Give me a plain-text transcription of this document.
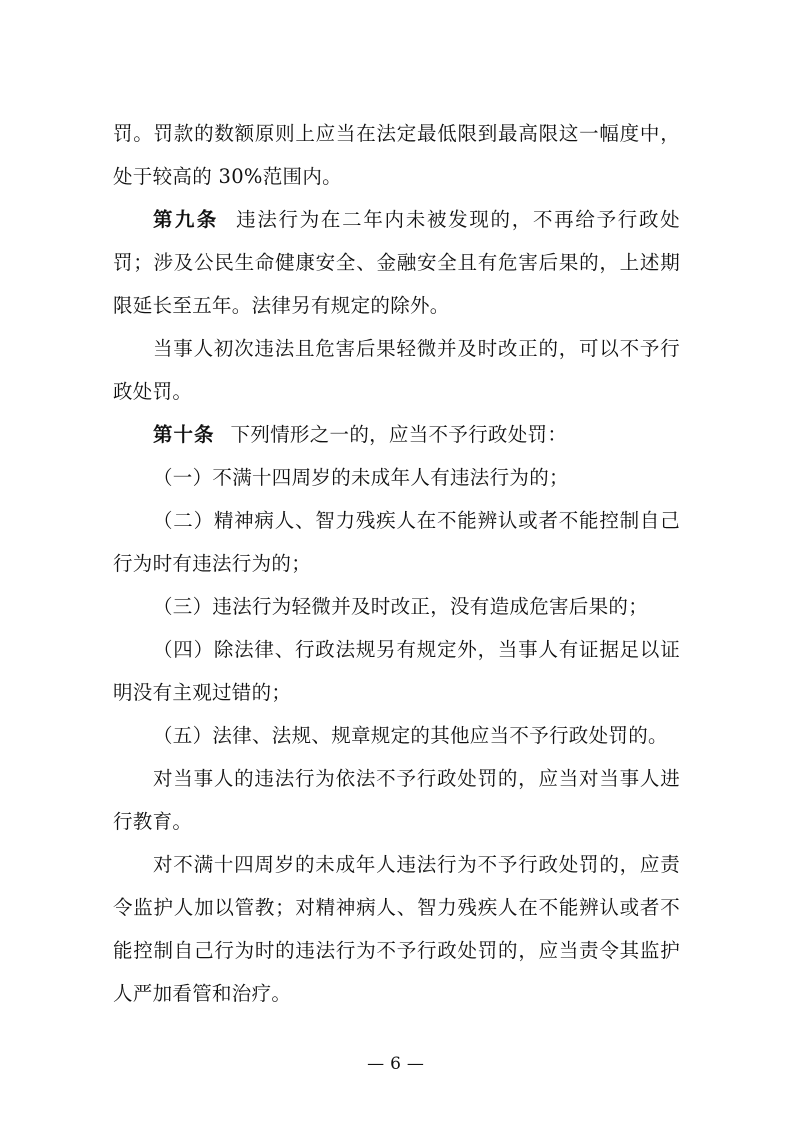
罚。罚款的数额原则上应当在法定最低限到最高限这一幅度中，处于较高的 30%范围内。

第九条 违法行为在二年内未被发现的，不再给予行政处罚；涉及公民生命健康安全、金融安全且有危害后果的，上述期限延长至五年。法律另有规定的除外。

当事人初次违法且危害后果轻微并及时改正的，可以不予行政处罚。

第十条 下列情形之一的，应当不予行政处罚：

（一）不满十四周岁的未成年人有违法行为的；

（二）精神病人、智力残疾人在不能辨认或者不能控制自己行为时有违法行为的；

（三）违法行为轻微并及时改正，没有造成危害后果的；

（四）除法律、行政法规另有规定外，当事人有证据足以证明没有主观过错的；

（五）法律、法规、规章规定的其他应当不予行政处罚的。

对当事人的违法行为依法不予行政处罚的，应当对当事人进行教育。

对不满十四周岁的未成年人违法行为不予行政处罚的，应责令监护人加以管教；对精神病人、智力残疾人在不能辨认或者不能控制自己行为时的违法行为不予行政处罚的，应当责令其监护人严加看管和治疗。

— 6 —
